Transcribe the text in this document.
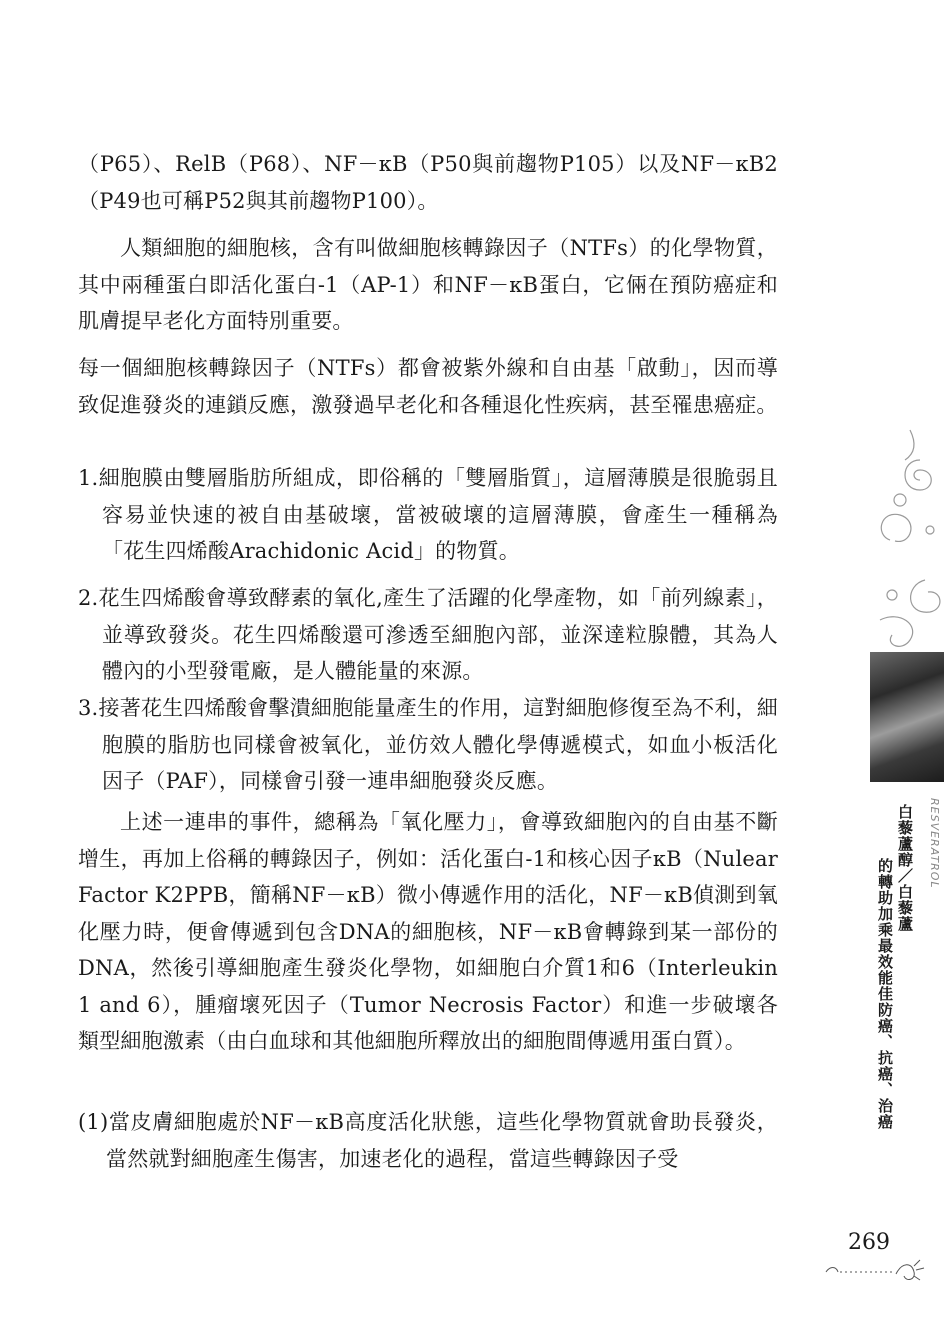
（P65）、RelB（P68）、NF－κB（P50與前趨物P105）以及NF－κB2（P49也可稱P52與其前趨物P100）。

人類細胞的細胞核，含有叫做細胞核轉錄因子（NTFs）的化學物質，其中兩種蛋白即活化蛋白-1（AP-1）和NF－κB蛋白，它倆在預防癌症和肌膚提早老化方面特別重要。

每一個細胞核轉錄因子（NTFs）都會被紫外線和自由基「啟動」，因而導致促進發炎的連鎖反應，激發過早老化和各種退化性疾病，甚至罹患癌症。

1.細胞膜由雙層脂肪所組成，即俗稱的「雙層脂質」，這層薄膜是很脆弱且容易並快速的被自由基破壞，當被破壞的這層薄膜，會產生一種稱為「花生四烯酸Arachidonic Acid」的物質。

2.花生四烯酸會導致酵素的氧化,產生了活躍的化學產物，如「前列線素」，並導致發炎。花生四烯酸還可滲透至細胞內部，並深達粒腺體，其為人體內的小型發電廠，是人體能量的來源。

3.接著花生四烯酸會擊潰細胞能量產生的作用，這對細胞修復至為不利，細胞膜的脂肪也同樣會被氧化，並仿效人體化學傳遞模式，如血小板活化因子（PAF），同樣會引發一連串細胞發炎反應。

上述一連串的事件，總稱為「氧化壓力」，會導致細胞內的自由基不斷增生，再加上俗稱的轉錄因子，例如：活化蛋白-1和核心因子κB（Nulear Factor K2PPB，簡稱NF－κB）微小傳遞作用的活化，NF－κB偵測到氧化壓力時，便會傳遞到包含DNA的細胞核，NF－κB會轉錄到某一部份的DNA，然後引導細胞產生發炎化學物，如細胞白介質1和6（Interleukin 1 and 6），腫瘤壞死因子（Tumor Necrosis Factor）和進一步破壞各類型細胞激素（由白血球和其他細胞所釋放出的細胞間傳遞用蛋白質）。

(1)當皮膚細胞處於NF－κB高度活化狀態，這些化學物質就會助長發炎，當然就對細胞產生傷害，加速老化的過程，當這些轉錄因子受

RESVERATROL
白藜蘆醇／白藜蘆
的轉助加乘最效能佳防癌、抗癌、治癌
269
